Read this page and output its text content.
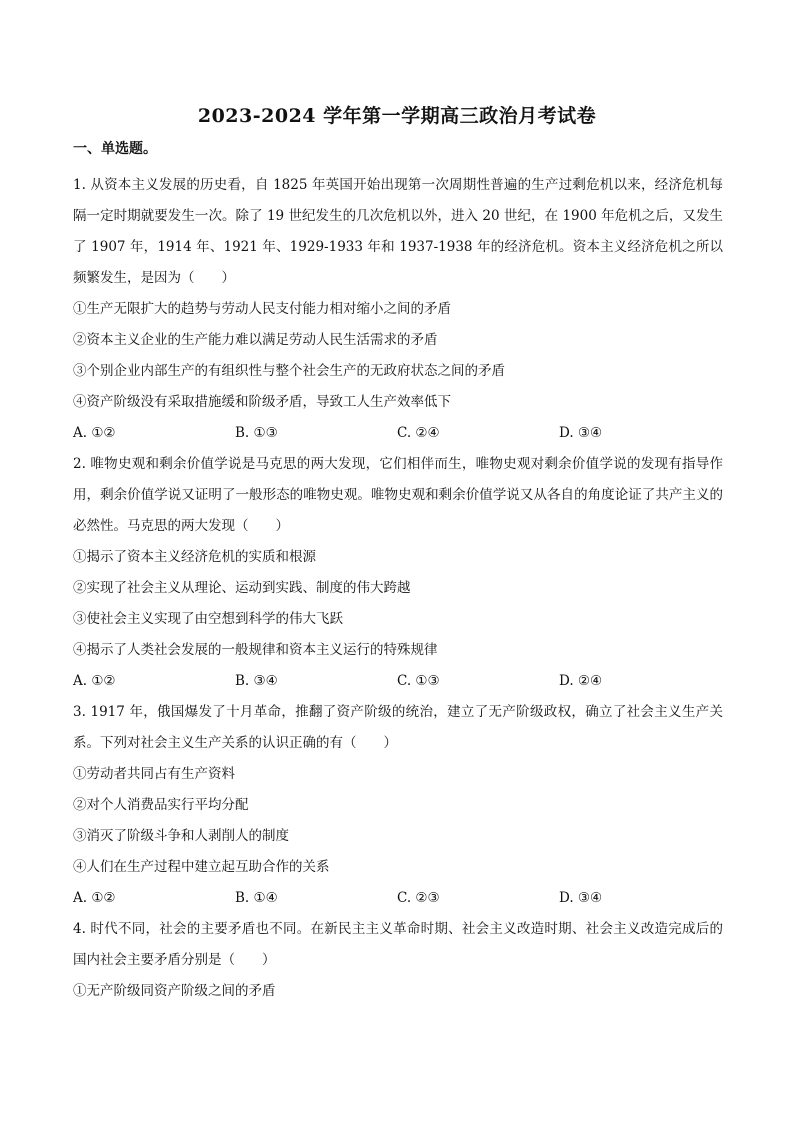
2023-2024 学年第一学期高三政治月考试卷
一、单选题。

1. 从资本主义发展的历史看，自 1825 年英国开始出现第一次周期性普遍的生产过剩危机以来，经济危机每隔一定时期就要发生一次。除了 19 世纪发生的几次危机以外，进入 20 世纪，在 1900 年危机之后，又发生了 1907 年，1914 年、1921 年、1929-1933 年和 1937-1938 年的经济危机。资本主义经济危机之所以频繁发生，是因为（　　）

①生产无限扩大的趋势与劳动人民支付能力相对缩小之间的矛盾

②资本主义企业的生产能力难以满足劳动人民生活需求的矛盾

③个别企业内部生产的有组织性与整个社会生产的无政府状态之间的矛盾

④资产阶级没有采取措施缓和阶级矛盾，导致工人生产效率低下

A. ①②	B. ①③	C. ②④	D. ③④

2. 唯物史观和剩余价值学说是马克思的两大发现，它们相伴而生，唯物史观对剩余价值学说的发现有指导作用，剩余价值学说又证明了一般形态的唯物史观。唯物史观和剩余价值学说又从各自的角度论证了共产主义的必然性。马克思的两大发现（　　）

①揭示了资本主义经济危机的实质和根源

②实现了社会主义从理论、运动到实践、制度的伟大跨越

③使社会主义实现了由空想到科学的伟大飞跃

④揭示了人类社会发展的一般规律和资本主义运行的特殊规律

A. ①②	B. ③④	C. ①③	D. ②④

3. 1917 年，俄国爆发了十月革命，推翻了资产阶级的统治，建立了无产阶级政权，确立了社会主义生产关系。下列对社会主义生产关系的认识正确的有（　　）

①劳动者共同占有生产资料

②对个人消费品实行平均分配

③消灭了阶级斗争和人剥削人的制度

④人们在生产过程中建立起互助合作的关系

A. ①②	B. ①④	C. ②③	D. ③④

4. 时代不同，社会的主要矛盾也不同。在新民主主义革命时期、社会主义改造时期、社会主义改造完成后的国内社会主要矛盾分别是（　　）

①无产阶级同资产阶级之间的矛盾
